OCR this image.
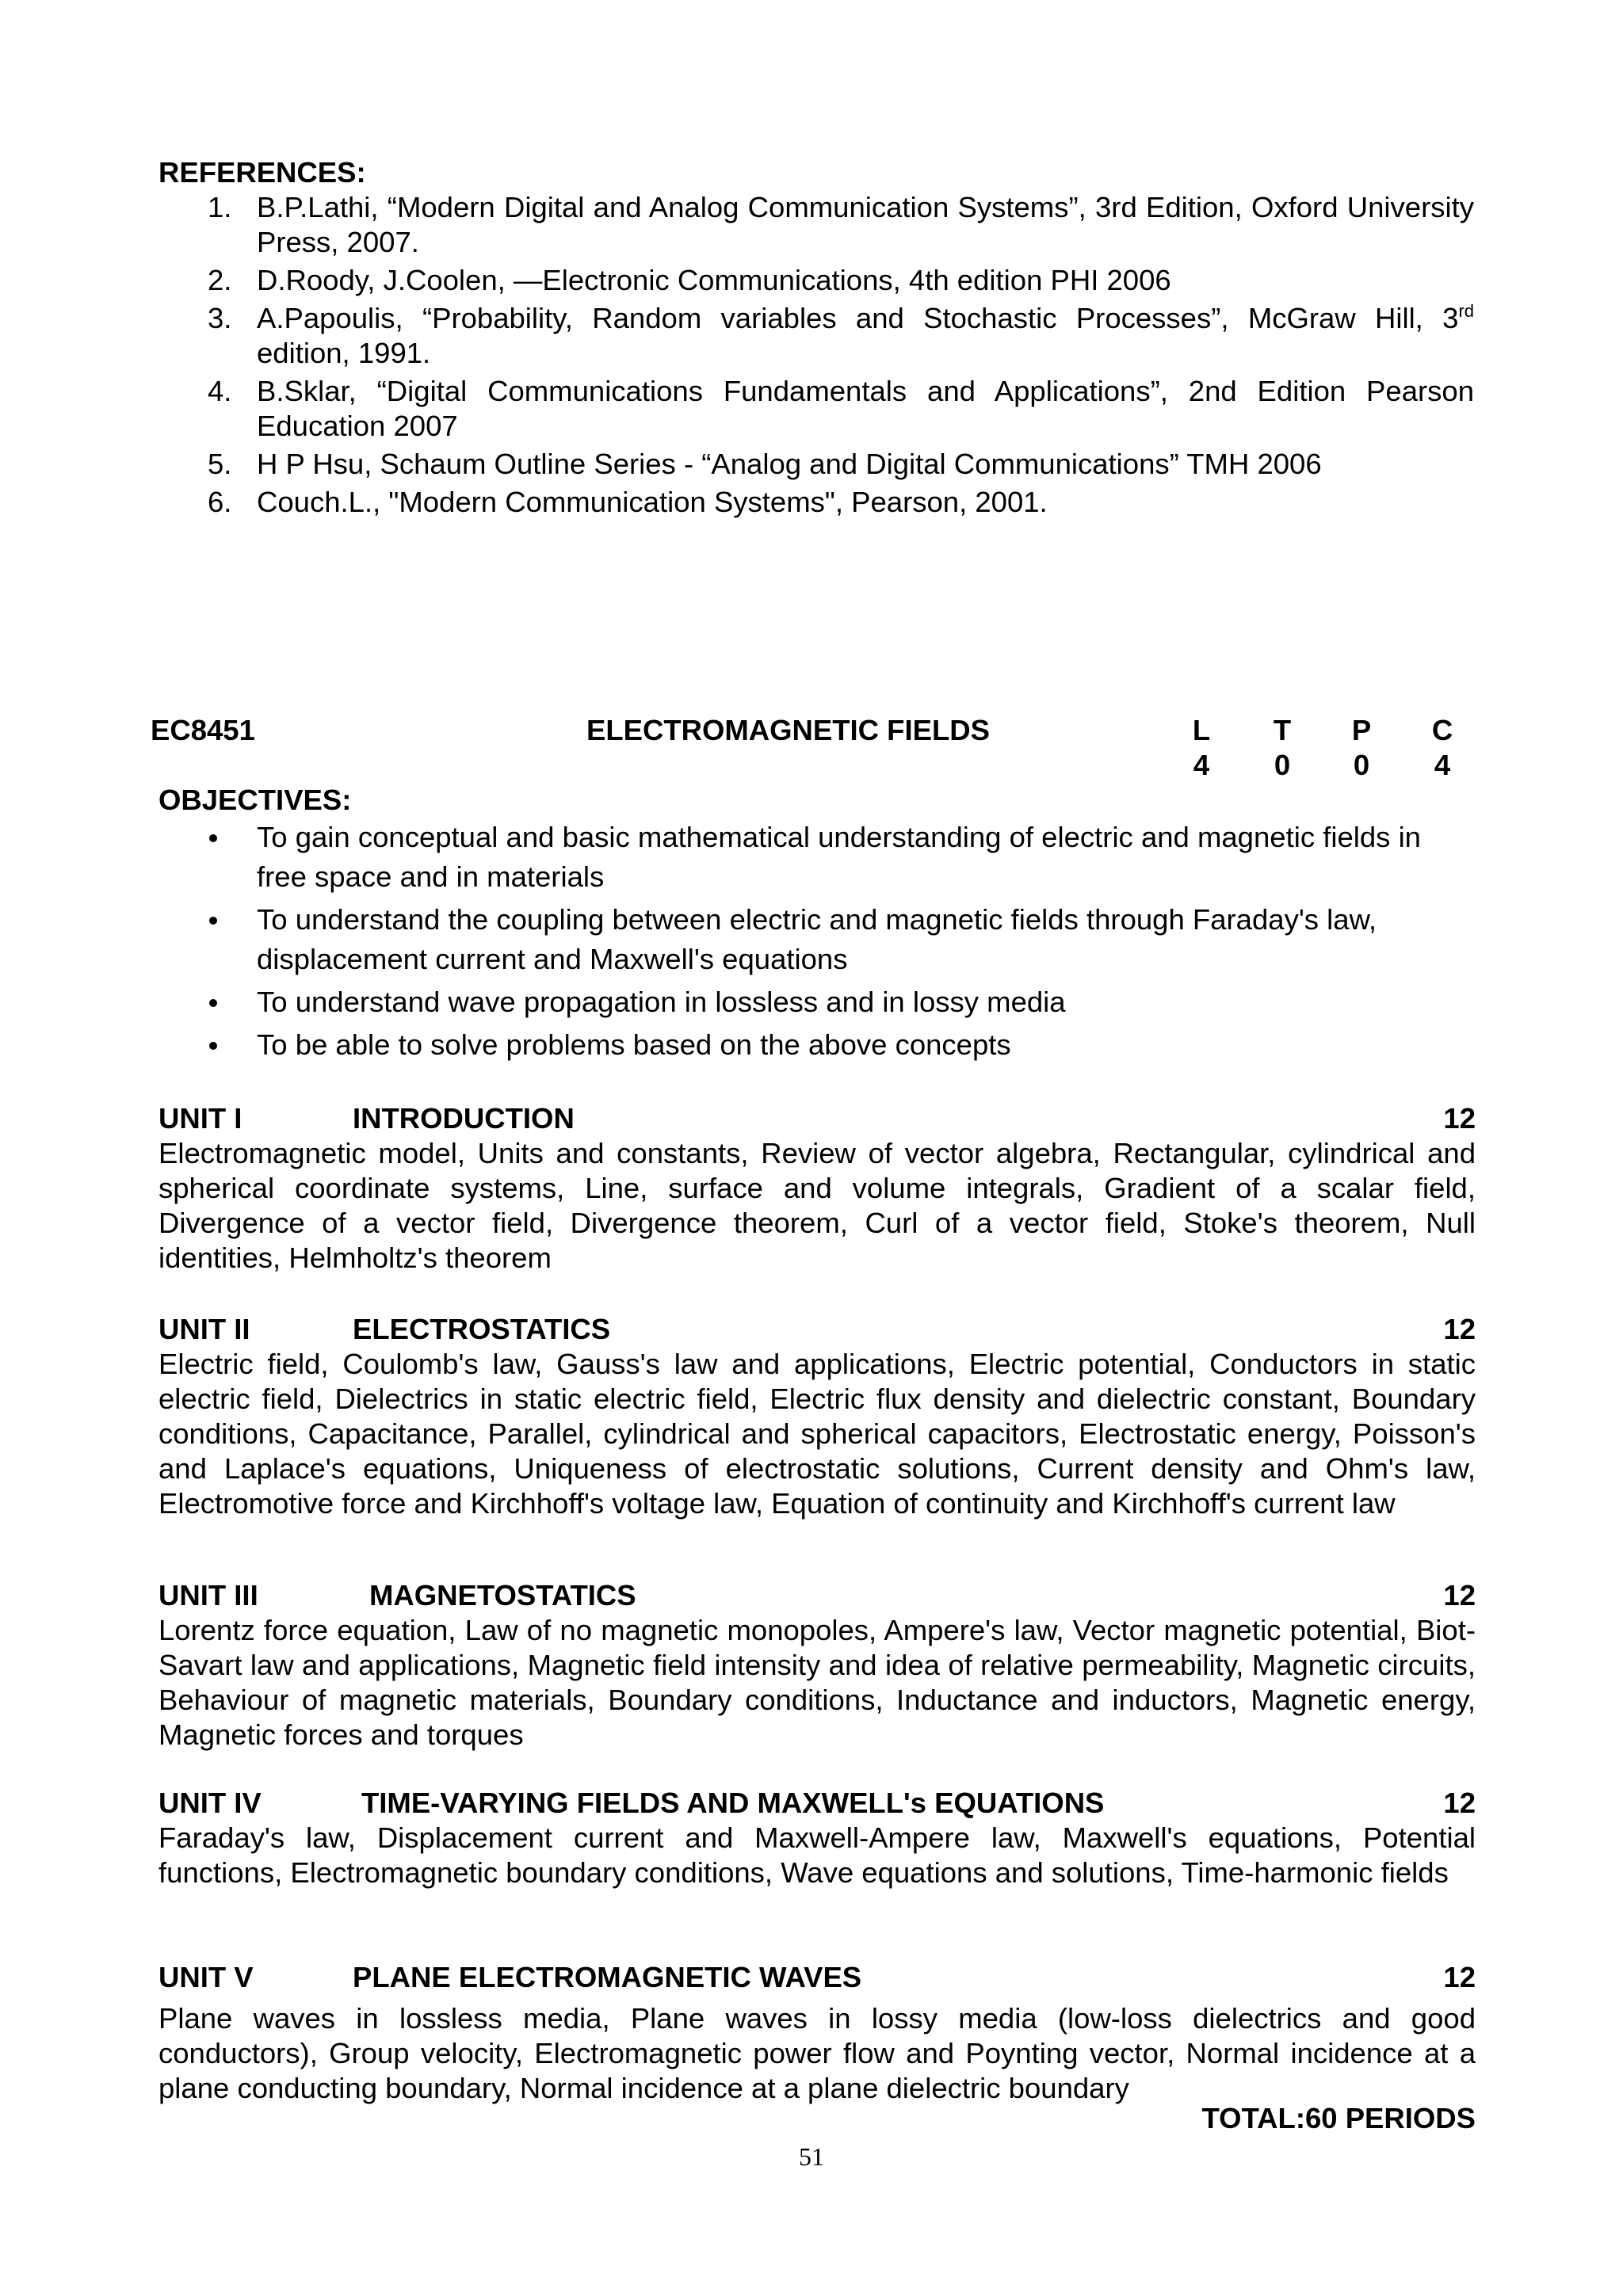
REFERENCES:
1. B.P.Lathi, “Modern Digital and Analog Communication Systems”, 3rd Edition, Oxford University Press, 2007.
2. D.Roody, J.Coolen, —Electronic Communications, 4th edition PHI 2006
3. A.Papoulis, “Probability, Random variables and Stochastic Processes”, McGraw Hill, 3rd edition, 1991.
4. B.Sklar, “Digital Communications Fundamentals and Applications”, 2nd Edition Pearson Education 2007
5. H P Hsu, Schaum Outline Series - “Analog and Digital Communications” TMH 2006
6. Couch.L., "Modern Communication Systems", Pearson, 2001.
EC8451	ELECTROMAGNETIC FIELDS	L T P C
4 0 0 4
OBJECTIVES:
To gain conceptual and basic mathematical understanding of electric and magnetic fields in free space and in materials
To understand the coupling between electric and magnetic fields through Faraday's law, displacement current and Maxwell's equations
To understand wave propagation in lossless and in lossy media
To be able to solve problems based on the above concepts
UNIT I	INTRODUCTION	12
Electromagnetic model, Units and constants, Review of vector algebra, Rectangular, cylindrical and spherical coordinate systems, Line, surface and volume integrals, Gradient of a scalar field, Divergence of a vector field, Divergence theorem, Curl of a vector field, Stoke's theorem, Null identities, Helmholtz's theorem
UNIT II	ELECTROSTATICS	12
Electric field, Coulomb's law, Gauss's law and applications, Electric potential, Conductors in static electric field, Dielectrics in static electric field, Electric flux density and dielectric constant, Boundary conditions, Capacitance, Parallel, cylindrical and spherical capacitors, Electrostatic energy, Poisson's and Laplace's equations, Uniqueness of electrostatic solutions, Current density and Ohm's law, Electromotive force and Kirchhoff's voltage law, Equation of continuity and Kirchhoff's current law
UNIT III	MAGNETOSTATICS	12
Lorentz force equation, Law of no magnetic monopoles, Ampere's law, Vector magnetic potential, Biot-Savart law and applications, Magnetic field intensity and idea of relative permeability, Magnetic circuits, Behaviour of magnetic materials, Boundary conditions, Inductance and inductors, Magnetic energy, Magnetic forces and torques
UNIT IV	TIME-VARYING FIELDS AND MAXWELL's EQUATIONS	12
Faraday's law, Displacement current and Maxwell-Ampere law, Maxwell's equations, Potential functions, Electromagnetic boundary conditions, Wave equations and solutions, Time-harmonic fields
UNIT V	PLANE ELECTROMAGNETIC WAVES	12
Plane waves in lossless media, Plane waves in lossy media (low-loss dielectrics and good conductors), Group velocity, Electromagnetic power flow and Poynting vector, Normal incidence at a plane conducting boundary, Normal incidence at a plane dielectric boundary
TOTAL:60 PERIODS
51
